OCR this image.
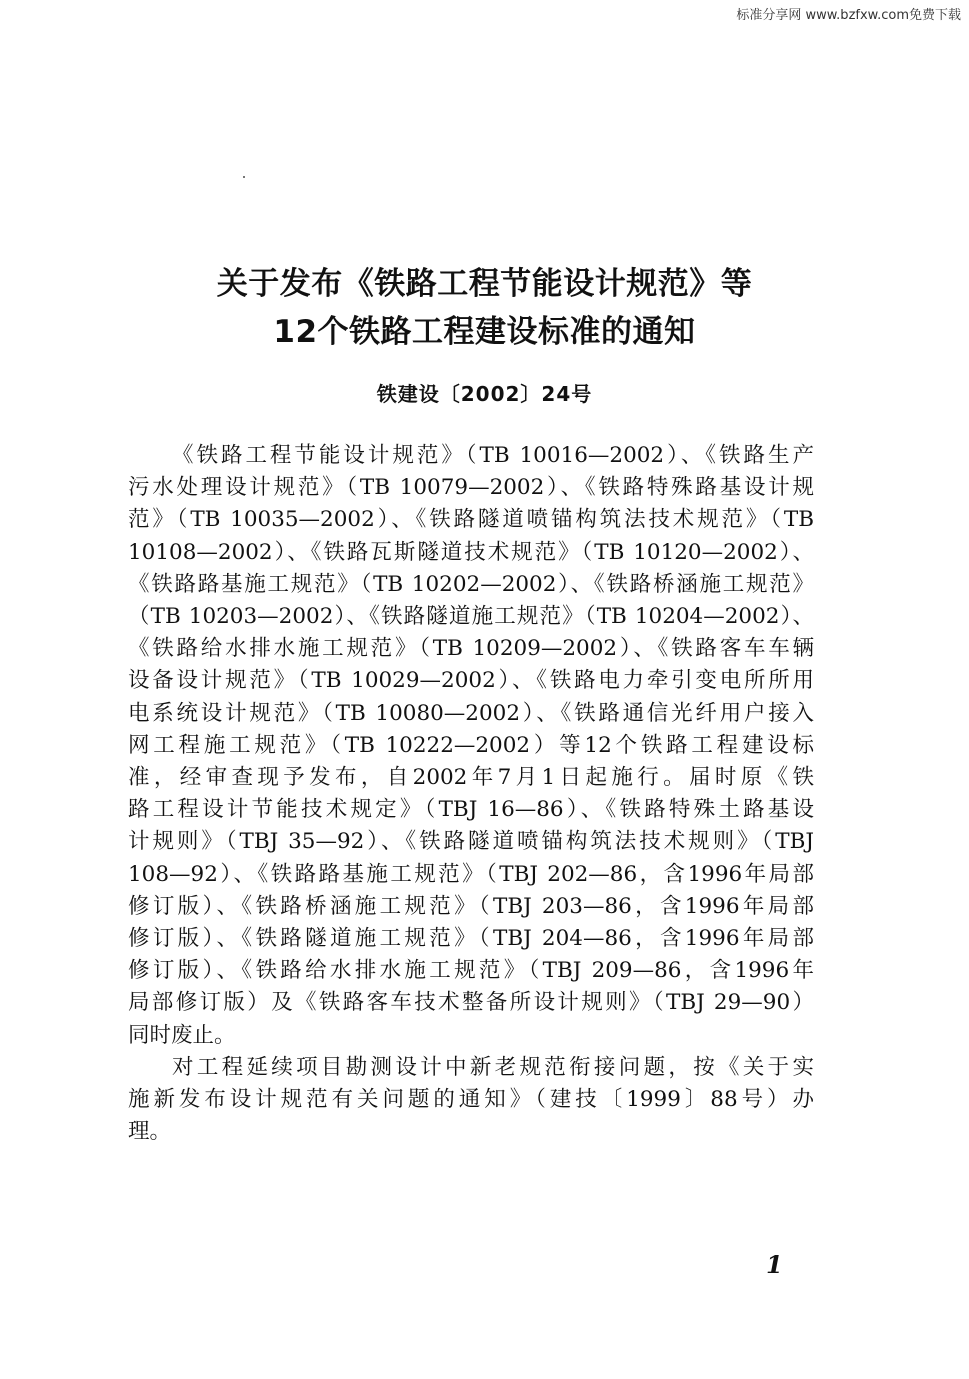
标准分享网 www.bzfxw.com免费下载
关于发布《铁路工程节能设计规范》等
12个铁路工程建设标准的通知
铁建设〔2002〕24号

《铁路工程节能设计规范》（TB 10016—2002）、《铁路生产
污水处理设计规范》（TB 10079—2002）、《铁路特殊路基设计规
范》（TB 10035—2002）、《铁路隧道喷锚构筑法技术规范》（TB
10108—2002）、《铁路瓦斯隧道技术规范》（TB 10120—2002）、
《铁路路基施工规范》（TB 10202—2002）、《铁路桥涵施工规范》
（TB 10203—2002）、《铁路隧道施工规范》（TB 10204—2002）、
《铁路给水排水施工规范》（TB 10209—2002）、《铁路客车车辆
设备设计规范》（TB 10029—2002）、《铁路电力牵引变电所所用
电系统设计规范》（TB 10080—2002）、《铁路通信光纤用户接入
网工程施工规范》（TB 10222—2002）等12个铁路工程建设标
准，经审查现予发布，自2002年7月1日起施行。届时原《铁
路工程设计节能技术规定》（TBJ 16—86）、《铁路特殊土路基设
计规则》（TBJ 35—92）、《铁路隧道喷锚构筑法技术规则》（TBJ
108—92）、《铁路路基施工规范》（TBJ 202—86，含1996年局部
修订版）、《铁路桥涵施工规范》（TBJ 203—86，含1996年局部
修订版）、《铁路隧道施工规范》（TBJ 204—86，含1996年局部
修订版）、《铁路给水排水施工规范》（TBJ 209—86，含1996年
局部修订版）及《铁路客车技术整备所设计规则》（TBJ 29—90）
同时废止。

对工程延续项目勘测设计中新老规范衔接问题，按《关于实
施新发布设计规范有关问题的通知》（建技〔1999〕88号）办
理。

1
